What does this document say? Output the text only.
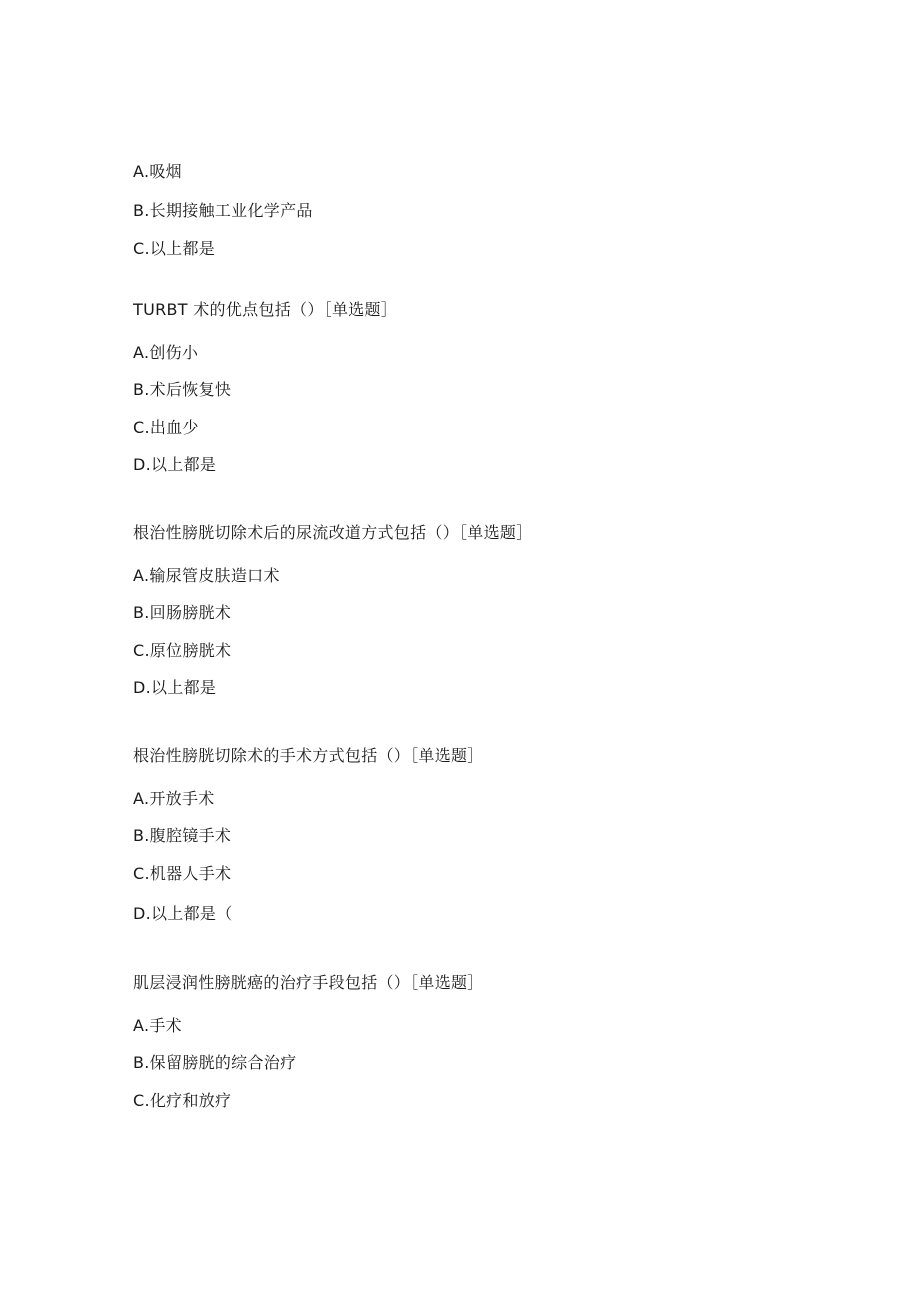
A.吸烟
B.长期接触工业化学产品
C.以上都是
TURBT 术的优点包括（）［单选题］
A.创伤小
B.术后恢复快
C.出血少
D.以上都是
根治性膀胱切除术后的尿流改道方式包括（）［单选题］
A.输尿管皮肤造口术
B.回肠膀胱术
C.原位膀胱术
D.以上都是
根治性膀胱切除术的手术方式包括（）［单选题］
A.开放手术
B.腹腔镜手术
C.机器人手术
D.以上都是（
肌层浸润性膀胱癌的治疗手段包括（）［单选题］
A.手术
B.保留膀胱的综合治疗
C.化疗和放疗
